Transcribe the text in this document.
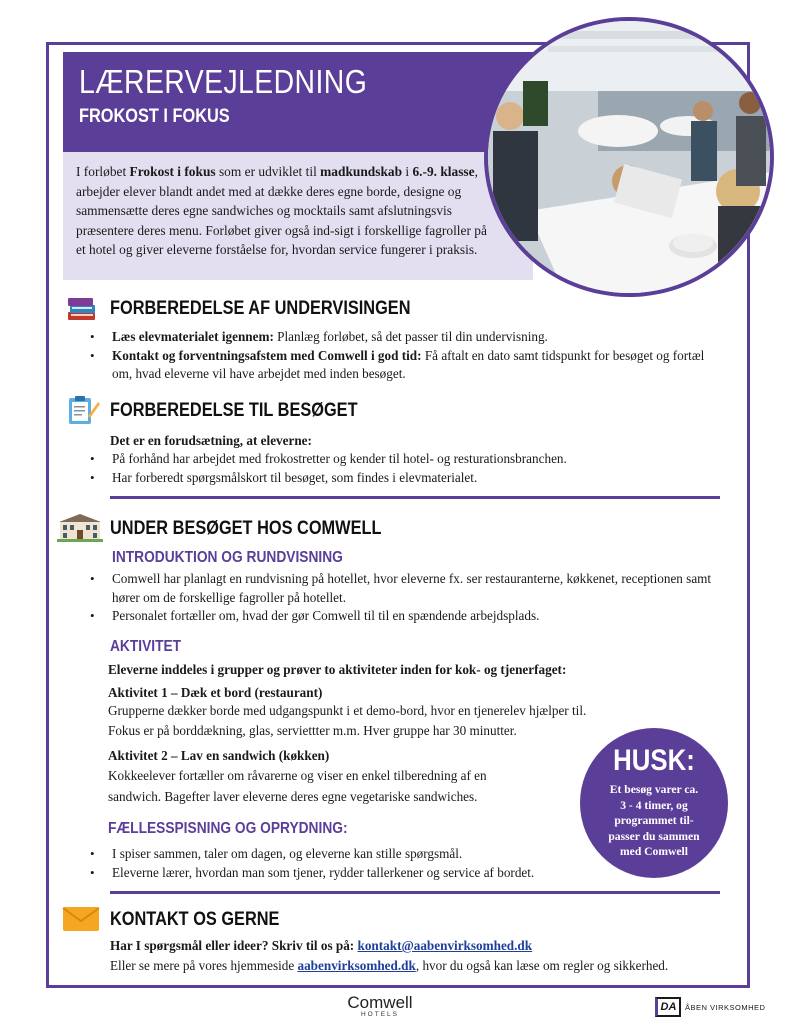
LÆRERVEJLEDNING
FROKOST I FOKUS
I forløbet Frokost i fokus som er udviklet til madkundskab i 6.-9. klasse, arbejder elever blandt andet med at dække deres egne borde, designe og sammensætte deres egne sandwiches og mocktails samt afslutningsvis præsentere deres menu. Forløbet giver også ind-sigt i forskellige fagroller på et hotel og giver eleverne forståelse for, hvordan service fungerer i praksis.
FORBEREDELSE AF UNDERVISINGEN
• Læs elevmaterialet igennem: Planlæg forløbet, så det passer til din undervisning.
• Kontakt og forventningsafstem med Comwell i god tid: Få aftalt en dato samt tidspunkt for besøget og fortæl om, hvad eleverne vil have arbejdet med inden besøget.
FORBEREDELSE TIL BESØGET
Det er en forudsætning, at eleverne:
• På forhånd har arbejdet med frokostretter og kender til hotel- og resturationsbranchen.
• Har forberedt spørgsmålskort til besøget, som findes i elevmaterialet.
UNDER BESØGET HOS COMWELL
INTRODUKTION OG RUNDVISNING
• Comwell har planlagt en rundvisning på hotellet, hvor eleverne fx. ser restauranterne, køkkenet, receptionen samt hører om de forskellige fagroller på hotellet.
• Personalet fortæller om, hvad der gør Comwell til til en spændende arbejdsplads.
AKTIVITET
Eleverne inddeles i grupper og prøver to aktiviteter inden for kok- og tjenerfaget:
Aktivitet 1 – Dæk et bord (restaurant)
Grupperne dækker borde med udgangspunkt i et demo-bord, hvor en tjenerelev hjælper til.
Fokus er på borddækning, glas, serviettter m.m. Hver gruppe har 30 minutter.
Aktivitet 2 – Lav en sandwich (køkken)
Kokkeelever fortæller om råvarerne og viser en enkel tilberedning af en
sandwich. Bagefter laver eleverne deres egne vegetariske sandwiches.
FÆLLESSPISNING OG OPRYDNING:
• I spiser sammen, taler om dagen, og eleverne kan stille spørgsmål.
• Eleverne lærer, hvordan man som tjener, rydder tallerkener og service af bordet.
HUSK:
Et besøg varer ca.
3 - 4 timer, og
programmet til-
passer du sammen
med Comwell
KONTAKT OS GERNE
Har I spørgsmål eller ideer? Skriv til os på: kontakt@aabenvirksomhed.dk
Eller se mere på vores hjemmeside aabenvirksomhed.dk, hvor du også kan læse om regler og sikkerhed.
Comwell
HOTELS
DA	ÅBEN VIRKSOMHED
